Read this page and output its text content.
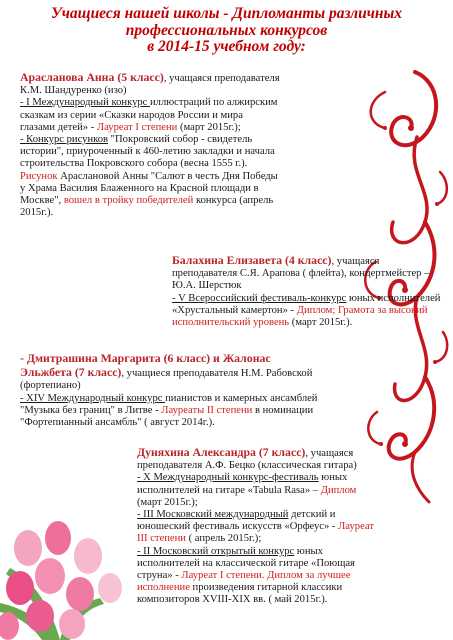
Учащиеся нашей школы - Дипломанты различных
профессиональных конкурсов
в 2014-15 учебном году:
Арасланова Анна (5 класс), учащаяся преподавателя К.М. Шандуренко (изо)
- I Международный конкурс иллюстраций по алжирским сказкам из серии «Сказки народов России и мира глазами детей» - Лауреат I степени (март 2015г.);
- Конкурс рисунков "Покровский собор - свидетель истории", приуроченный к 460-летию закладки и начала строительства Покровского собора (весна 1555 г.). Рисунок Араслановой Анны "Салют в честь Дня Победы у Храма Василия Блаженного на Красной площади в Москве", вошел в тройку победителей конкурса (апрель 2015г.).
Балахина Елизавета (4 класс), учащаяся преподавателя С.Я. Арапова ( флейта), концертмейстер – Ю.А. Шерстюк
- V Всероссийский фестиваль-конкурс юных исполнителей «Хрустальный камертон» - Диплом; Грамота за высокий исполнительский уровень (март 2015г.).
- Дмитрашина Маргарита (6 класс) и Жалонас Эльжбета (7 класс), учащиеся преподавателя Н.М. Рабовской (фортепиано)
- XIV Международный конкурс пианистов и камерных ансамблей "Музыка без границ" в Литве - Лауреаты II степени в номинации "Фортепианный ансамбль" ( август 2014г.).
Дуняхина Александра (7 класс), учащаяся преподавателя А.Ф. Бецко (классическая гитара)
- X Международный конкурс-фестиваль юных исполнителей на гитаре «Tabula Rasa» – Диплом (март 2015г.);
- III Московский международный детский и юношеский фестиваль искусств «Орфеус» - Лауреат III степени ( апрель 2015г.);
- II Московский открытый конкурс юных исполнителей на классической гитаре «Поющая струна» - Лауреат I степени. Диплом за лучшее исполнение произведения гитарной классики композиторов XVIII-XIX вв. ( май 2015г.).
